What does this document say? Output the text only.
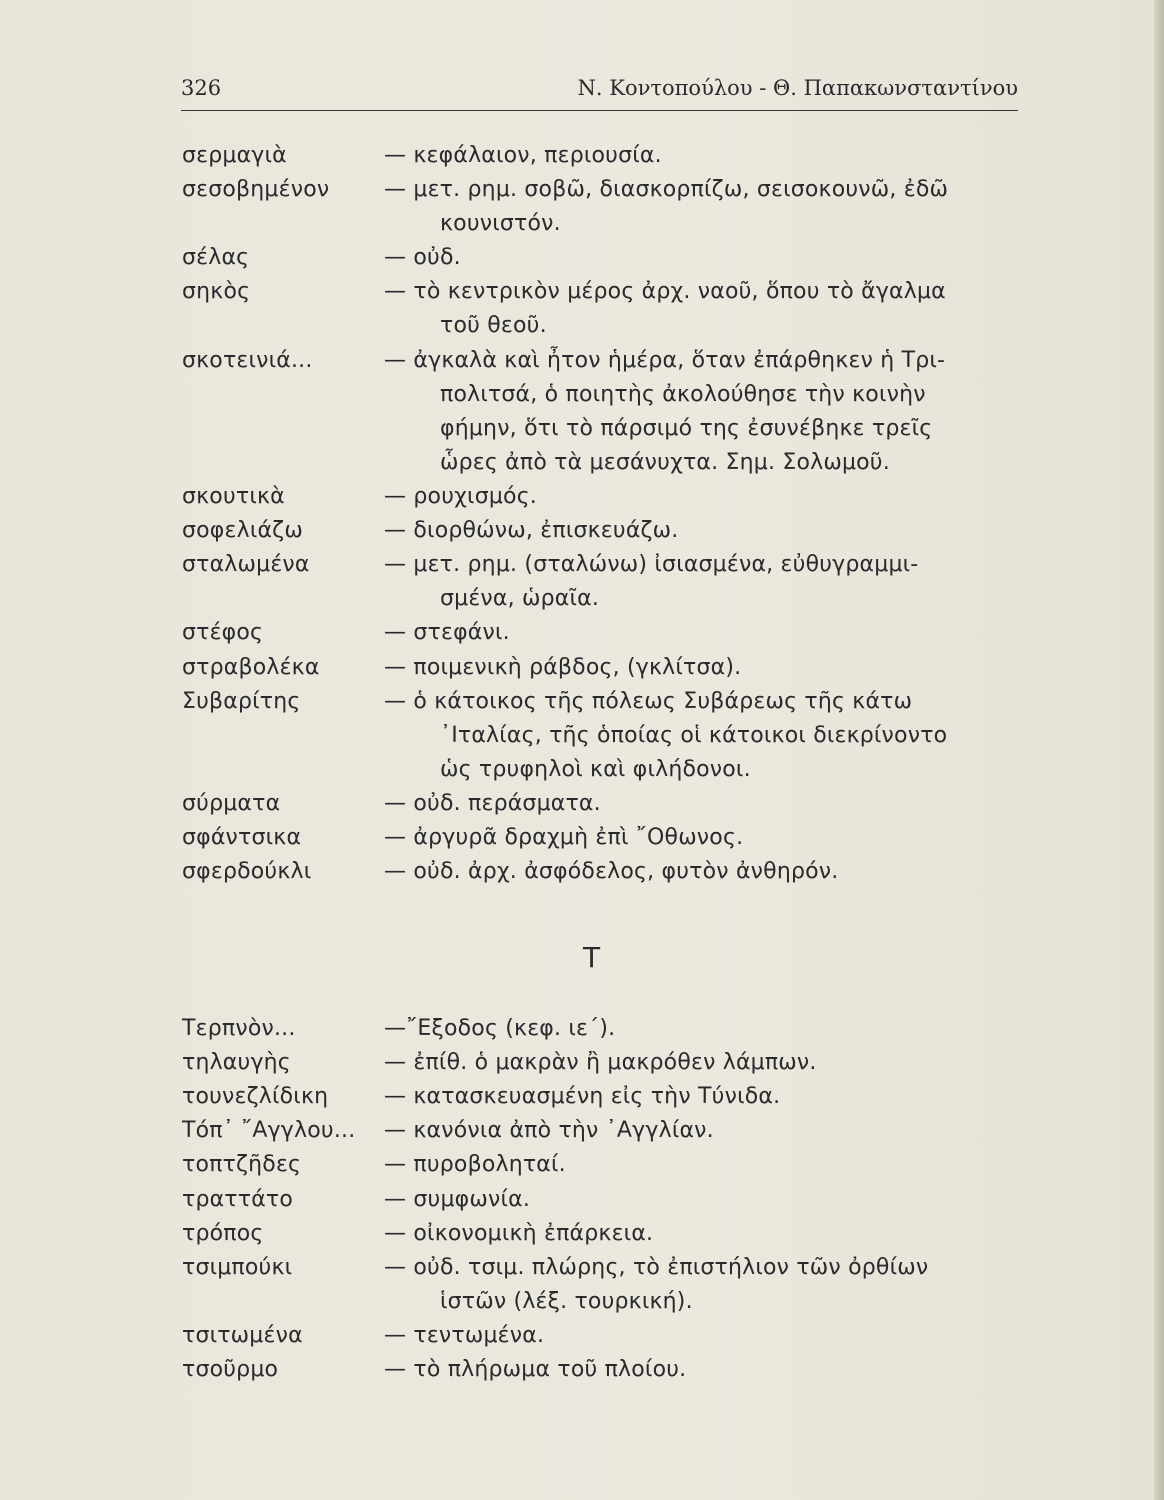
326	Ν. Κοντοπούλου - Θ. Παπακωνσταντίνου
σερμαγιὰ	— κεφάλαιον, περιουσία.
σεσοβημένον — μετ. ρημ. σοβῶ, διασκορπίζω, σεισοκουνῶ, ἐδῶ
κουνιστόν.
σέλας	— οὐδ.
σηκὸς	— τὸ κεντρικὸν μέρος ἀρχ. ναοῦ, ὅπου τὸ ἄγαλμα
τοῦ θεοῦ.
σκοτεινιά...	— ἀγκαλὰ καὶ ἦτον ἡμέρα, ὅταν ἐπάρθηκεν ἡ Τρι-
πολιτσά, ὁ ποιητὴς ἀκολούθησε τὴν κοινὴν
φήμην, ὅτι τὸ πάρσιμό της ἐσυνέβηκε τρεῖς
ὧρες ἀπὸ τὰ μεσάνυχτα. Σημ. Σολωμοῦ.
σκουτικὰ	— ρουχισμός.
σοφελιάζω	— διορθώνω, ἐπισκευάζω.
σταλωμένα	— μετ. ρημ. (σταλώνω) ἰσιασμένα, εὐθυγραμμι-
σμένα, ὡραῖα.
στέφος	— στεφάνι.
στραβολέκα	— ποιμενικὴ ράβδος, (γκλίτσα).
Συβαρίτης	— ὁ κάτοικος τῆς πόλεως Συβάρεως τῆς κάτω
᾿Ιταλίας, τῆς ὁποίας οἱ κάτοικοι διεκρίνοντο
ὡς τρυφηλοὶ καὶ φιλήδονοι.
σύρματα	— οὐδ. περάσματα.
σφάντσικα	— ἀργυρᾶ δραχμὴ ἐπὶ ῎Οθωνος.
σφερδούκλι	— οὐδ. ἀρχ. ἀσφόδελος, φυτὸν ἀνθηρόν.
Τ
Τερπνὸν...	—῎Εξοδος (κεφ. ιε΄).
τηλαυγὴς	— ἐπίθ. ὁ μακρὰν ἢ μακρόθεν λάμπων.
τουνεζλίδικη	— κατασκευασμένη εἰς τὴν Τύνιδα.
Τόπ᾿ ῎Αγγλου... — κανόνια ἀπὸ τὴν ᾿Αγγλίαν.
τοπτζῆδες	— πυροβοληταί.
τραττάτο	— συμφωνία.
τρόπος	— οἰκονομικὴ ἐπάρκεια.
τσιμπούκι	— οὐδ. τσιμ. πλώρης, τὸ ἐπιστήλιον τῶν ὀρθίων
ἱστῶν (λέξ. τουρκική).
τσιτωμένα	— τεντωμένα.
τσοῦρμο	— τὸ πλήρωμα τοῦ πλοίου.
